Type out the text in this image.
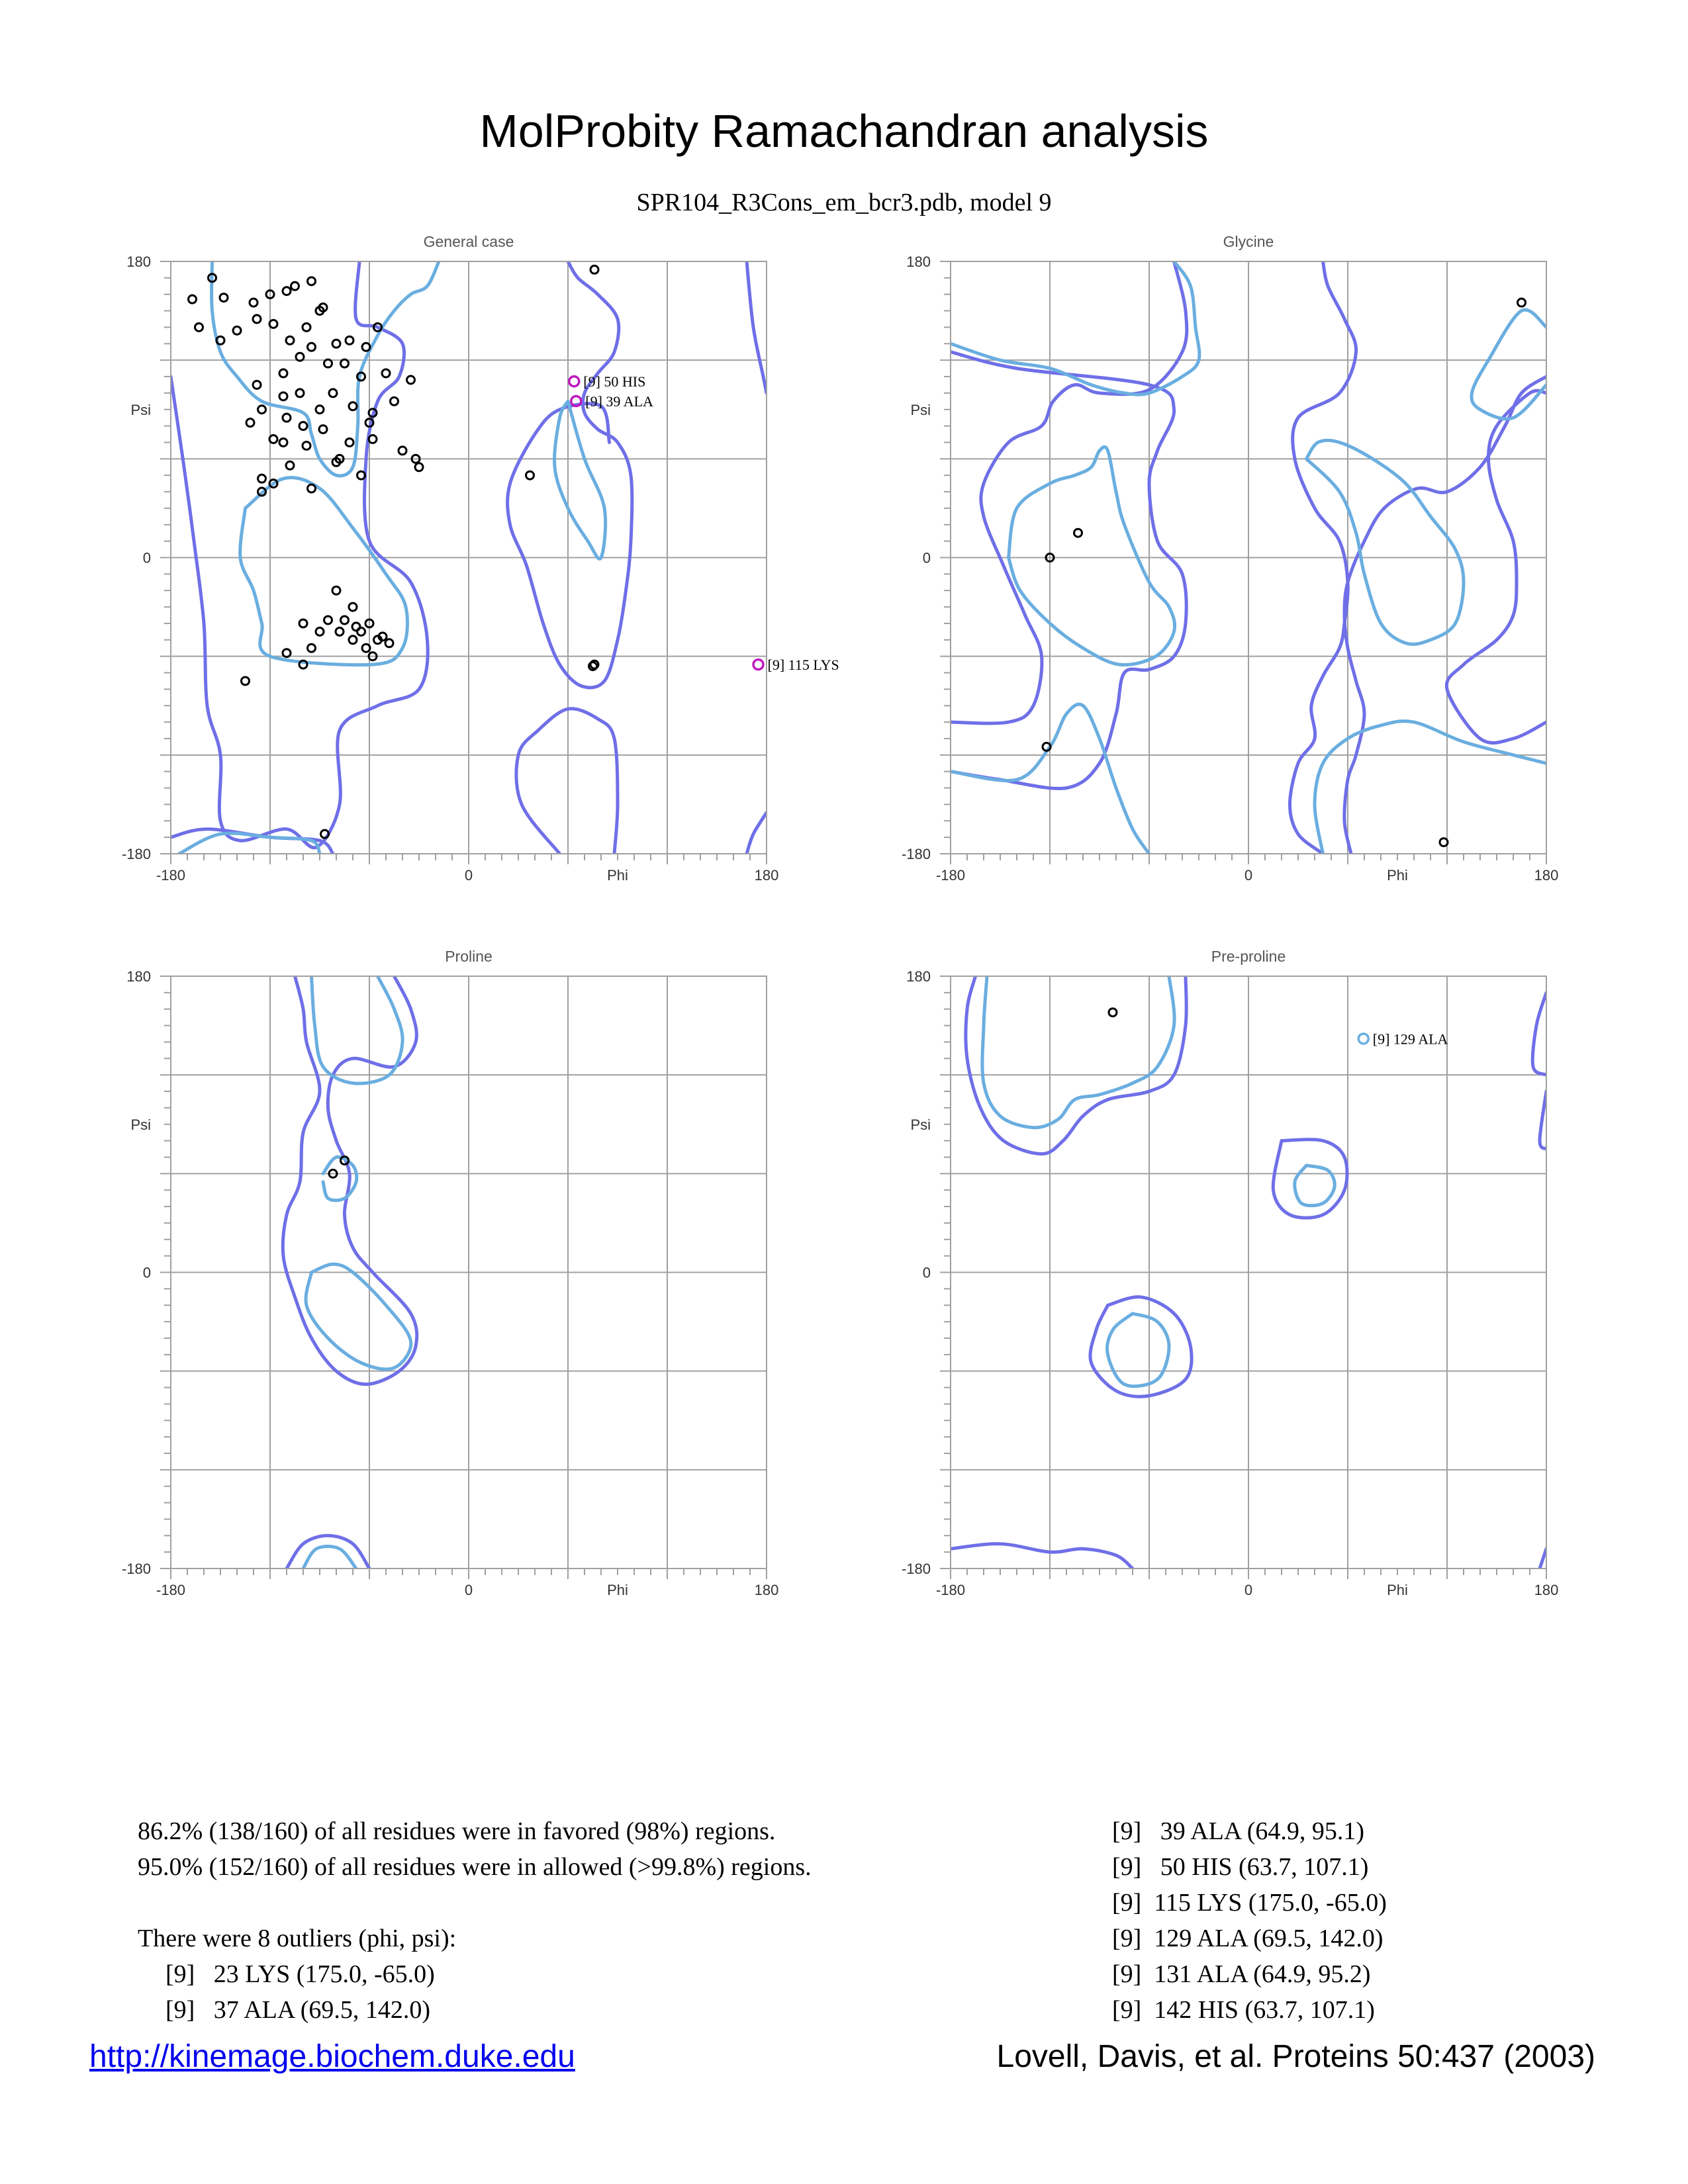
MolProbity Ramachandran analysis
SPR104_R3Cons_em_bcr3.pdb, model 9
General case
-180	0	Phi	180
180
Psi
0
-180
[9] 50 HIS
[9] 39 ALA
[9] 115 LYS
Glycine
-180	0	Phi	180
180
Psi
0
-180
Proline
-180	0	Phi	180
180
Psi
0
-180
Pre-proline
-180	0	Phi	180
180
Psi
0
-180
[9] 129 ALA
86.2% (138/160) of all residues were in favored (98%) regions.
95.0% (152/160) of all residues were in allowed (>99.8%) regions.

There were 8 outliers (phi, psi):
[9]   23 LYS (175.0, -65.0)
[9]   37 ALA (69.5, 142.0)
[9]   39 ALA (64.9, 95.1)
[9]   50 HIS (63.7, 107.1)
[9]  115 LYS (175.0, -65.0)
[9]  129 ALA (69.5, 142.0)
[9]  131 ALA (64.9, 95.2)
[9]  142 HIS (63.7, 107.1)
http://kinemage.biochem.duke.edu	Lovell, Davis, et al. Proteins 50:437 (2003)
